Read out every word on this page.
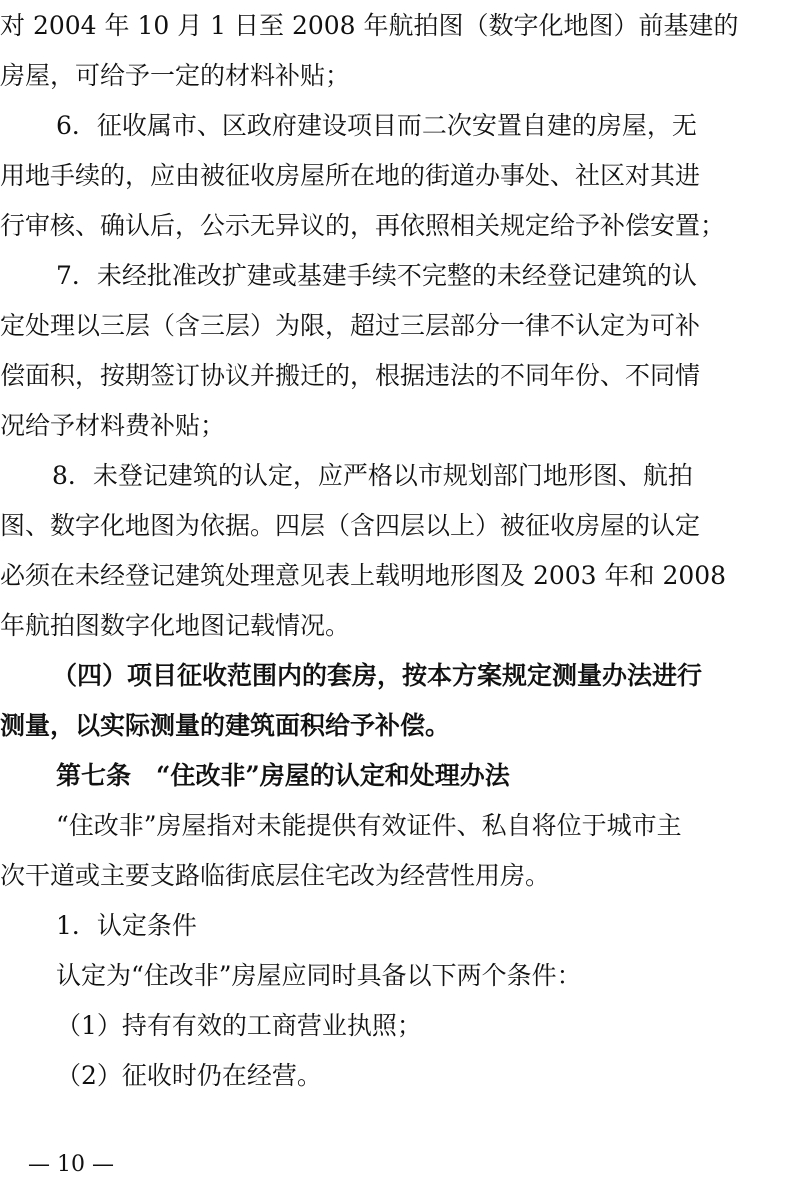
对 2004 年 10 月 1 日至 2008 年航拍图（数字化地图）前基建的
房屋，可给予一定的材料补贴；
6．征收属市、区政府建设项目而二次安置自建的房屋，无
用地手续的，应由被征收房屋所在地的街道办事处、社区对其进
行审核、确认后，公示无异议的，再依照相关规定给予补偿安置；
7．未经批准改扩建或基建手续不完整的未经登记建筑的认
定处理以三层（含三层）为限，超过三层部分一律不认定为可补
偿面积，按期签订协议并搬迁的，根据违法的不同年份、不同情
况给予材料费补贴；
8．未登记建筑的认定，应严格以市规划部门地形图、航拍
图、数字化地图为依据。四层（含四层以上）被征收房屋的认定
必须在未经登记建筑处理意见表上载明地形图及 2003 年和 2008
年航拍图数字化地图记载情况。
（四）项目征收范围内的套房，按本方案规定测量办法进行
测量，以实际测量的建筑面积给予补偿。
第七条　“住改非”房屋的认定和处理办法
“住改非”房屋指对未能提供有效证件、私自将位于城市主
次干道或主要支路临街底层住宅改为经营性用房。
1．认定条件
认定为“住改非”房屋应同时具备以下两个条件：
（1）持有有效的工商营业执照；
（2）征收时仍在经营。
— 10 —
